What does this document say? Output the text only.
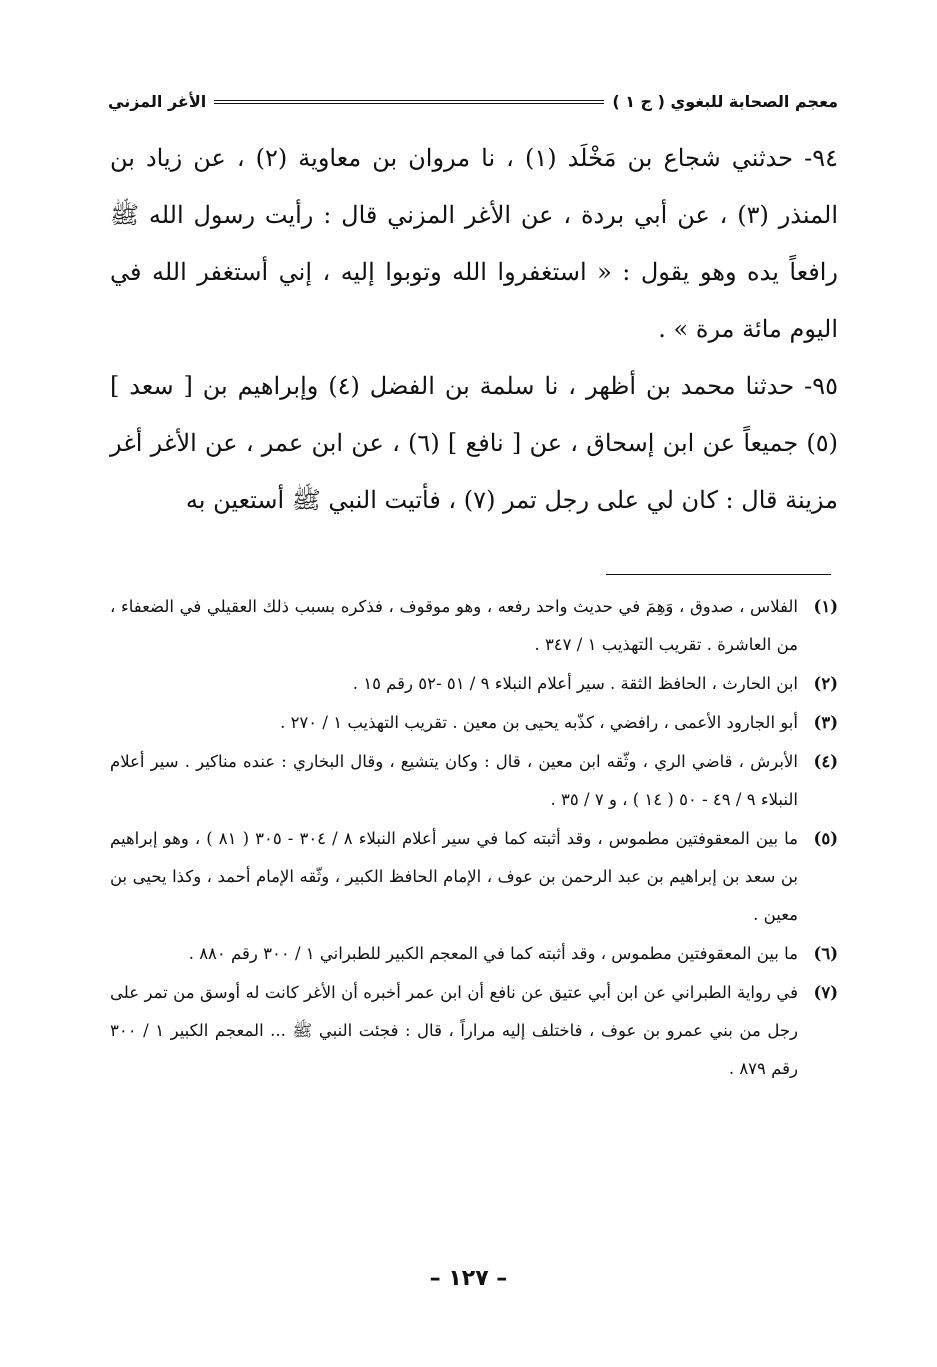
معجم الصحابة للبغوي ( ج ١ )
الأغر المزني

٩٤- حدثني شجاع بن مَخْلَد (١) ، نا مروان بن معاوية (٢) ، عن زياد بن المنذر (٣) ، عن أبي بردة ، عن الأغر المزني قال : رأيت رسول الله ﷺ رافعاً يده وهو يقول : « استغفروا الله وتوبوا إليه ، إني أستغفر الله في اليوم مائة مرة » .

٩٥- حدثنا محمد بن أظهر ، نا سلمة بن الفضل (٤) وإبراهيم بن [ سعد ] (٥) جميعاً عن ابن إسحاق ، عن [ نافع ] (٦) ، عن ابن عمر ، عن الأغر أغر مزينة قال : كان لي على رجل تمر (٧) ، فأتيت النبي ﷺ أستعين به

(١)
الفلاس ، صدوق ، وَهِمَ في حديث واحد رفعه ، وهو موقوف ، فذكره بسبب ذلك العقيلي في الضعفاء ، من العاشرة . تقريب التهذيب ١ / ٣٤٧ .
(٢)
ابن الحارث ، الحافظ الثقة . سير أعلام النبلاء ٩ / ٥١ -٥٢ رقم ١٥ .
(٣)
أبو الجارود الأعمى ، رافضي ، كذّبه يحيى بن معين . تقريب التهذيب ١ / ٢٧٠ .
(٤)
الأبرش ، قاضي الري ، وثّقه ابن معين ، قال : وكان يتشيع ، وقال البخاري : عنده مناكير . سير أعلام النبلاء ٩ / ٤٩ - ٥٠ ( ١٤ ) ، و ٧ / ٣٥ .
(٥)
ما بين المعقوفتين مطموس ، وقد أثبته كما في سير أعلام النبلاء ٨ / ٣٠٤ - ٣٠٥ ( ٨١ ) ، وهو إبراهيم بن سعد بن إبراهيم بن عبد الرحمن بن عوف ، الإمام الحافظ الكبير ، وثّقه الإمام أحمد ، وكذا يحيى بن معين .
(٦)
ما بين المعقوفتين مطموس ، وقد أثبته كما في المعجم الكبير للطبراني ١ / ٣٠٠ رقم ٨٨٠ .
(٧)
في رواية الطبراني عن ابن أبي عتيق عن نافع أن ابن عمر أخبره أن الأغر كانت له أوسق من تمر على رجل من بني عمرو بن عوف ، فاختلف إليه مراراً ، قال : فجئت النبي ﷺ ... المعجم الكبير ١ / ٣٠٠ رقم ٨٧٩ .
– ١٢٧ –
